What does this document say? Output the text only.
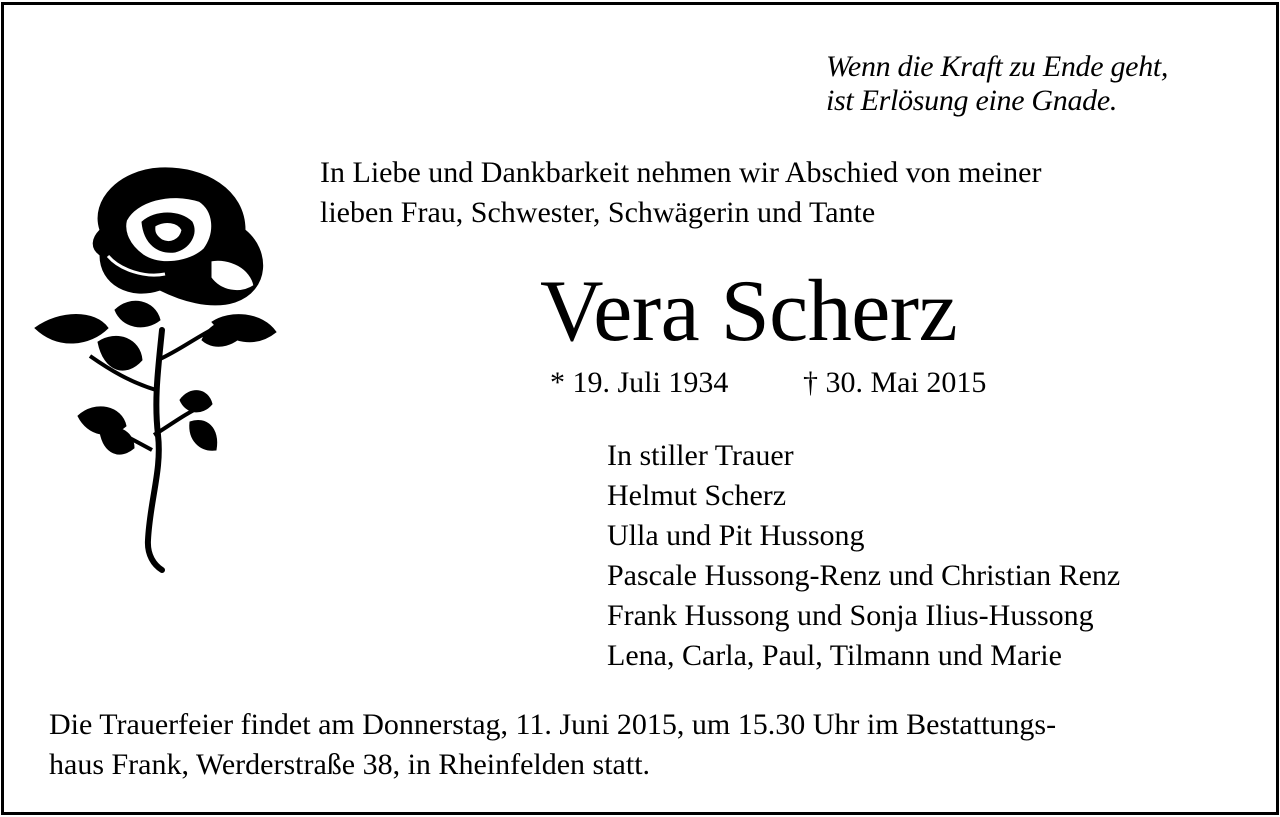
Wenn die Kraft zu Ende geht,
ist Erlösung eine Gnade.
In Liebe und Dankbarkeit nehmen wir Abschied von meiner
lieben Frau, Schwester, Schwägerin und Tante
Vera Scherz
* 19. Juli 1934 † 30. Mai 2015
In stiller Trauer
Helmut Scherz
Ulla und Pit Hussong
Pascale Hussong-Renz und Christian Renz
Frank Hussong und Sonja Ilius-Hussong
Lena, Carla, Paul, Tilmann und Marie
Die Trauerfeier findet am Donnerstag, 11. Juni 2015, um 15.30 Uhr im Bestattungs-
haus Frank, Werderstraße 38, in Rheinfelden statt.
